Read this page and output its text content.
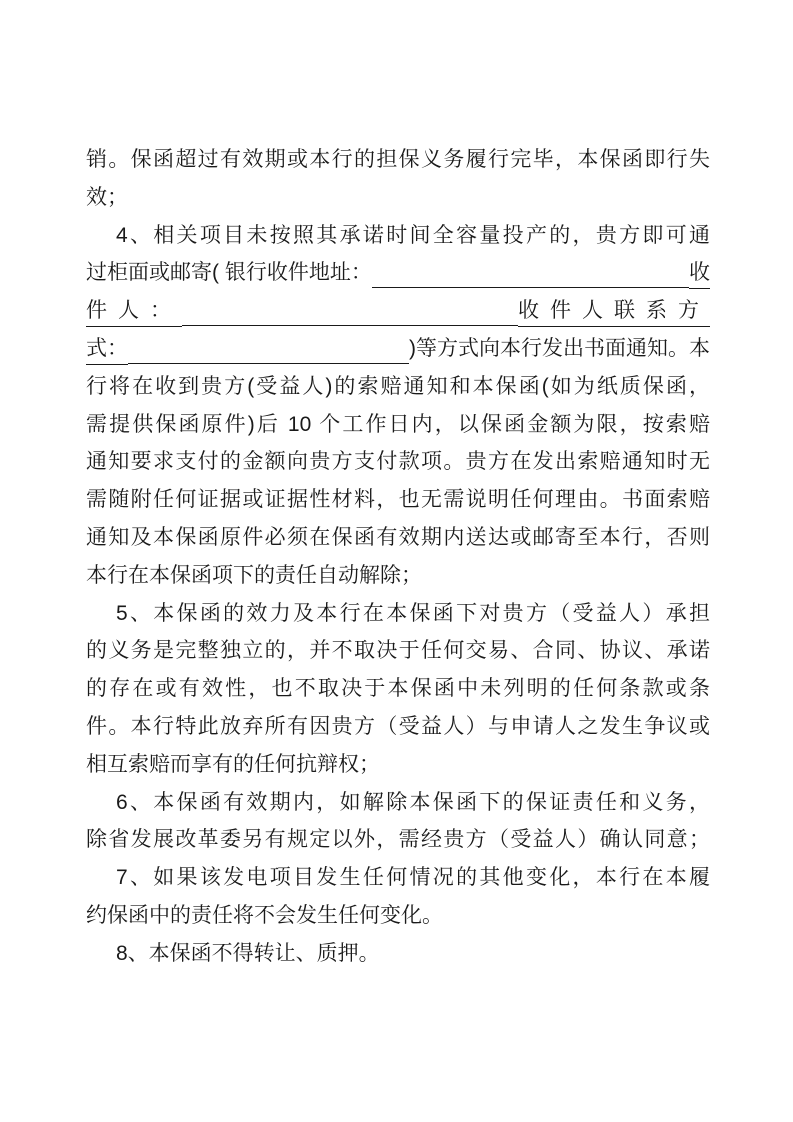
销。保函超过有效期或本行的担保义务履行完毕，本保函即行失
效；
4、相关项目未按照其承诺时间全容量投产的，贵方即可通
过柜面或邮寄( 银行收件地址：	收
件人：	收件人联系方
式：	)等方式向本行发出书面通知。本
行将在收到贵方(受益人)的索赔通知和本保函(如为纸质保函，
需提供保函原件)后 10 个工作日内，以保函金额为限，按索赔
通知要求支付的金额向贵方支付款项。贵方在发出索赔通知时无
需随附任何证据或证据性材料，也无需说明任何理由。书面索赔
通知及本保函原件必须在保函有效期内送达或邮寄至本行，否则
本行在本保函项下的责任自动解除；
5、本保函的效力及本行在本保函下对贵方（受益人）承担
的义务是完整独立的，并不取决于任何交易、合同、协议、承诺
的存在或有效性，也不取决于本保函中未列明的任何条款或条
件。本行特此放弃所有因贵方（受益人）与申请人之发生争议或
相互索赔而享有的任何抗辩权；
6、本保函有效期内，如解除本保函下的保证责任和义务，
除省发展改革委另有规定以外，需经贵方（受益人）确认同意；
7、如果该发电项目发生任何情况的其他变化，本行在本履
约保函中的责任将不会发生任何变化。
8、本保函不得转让、质押。
